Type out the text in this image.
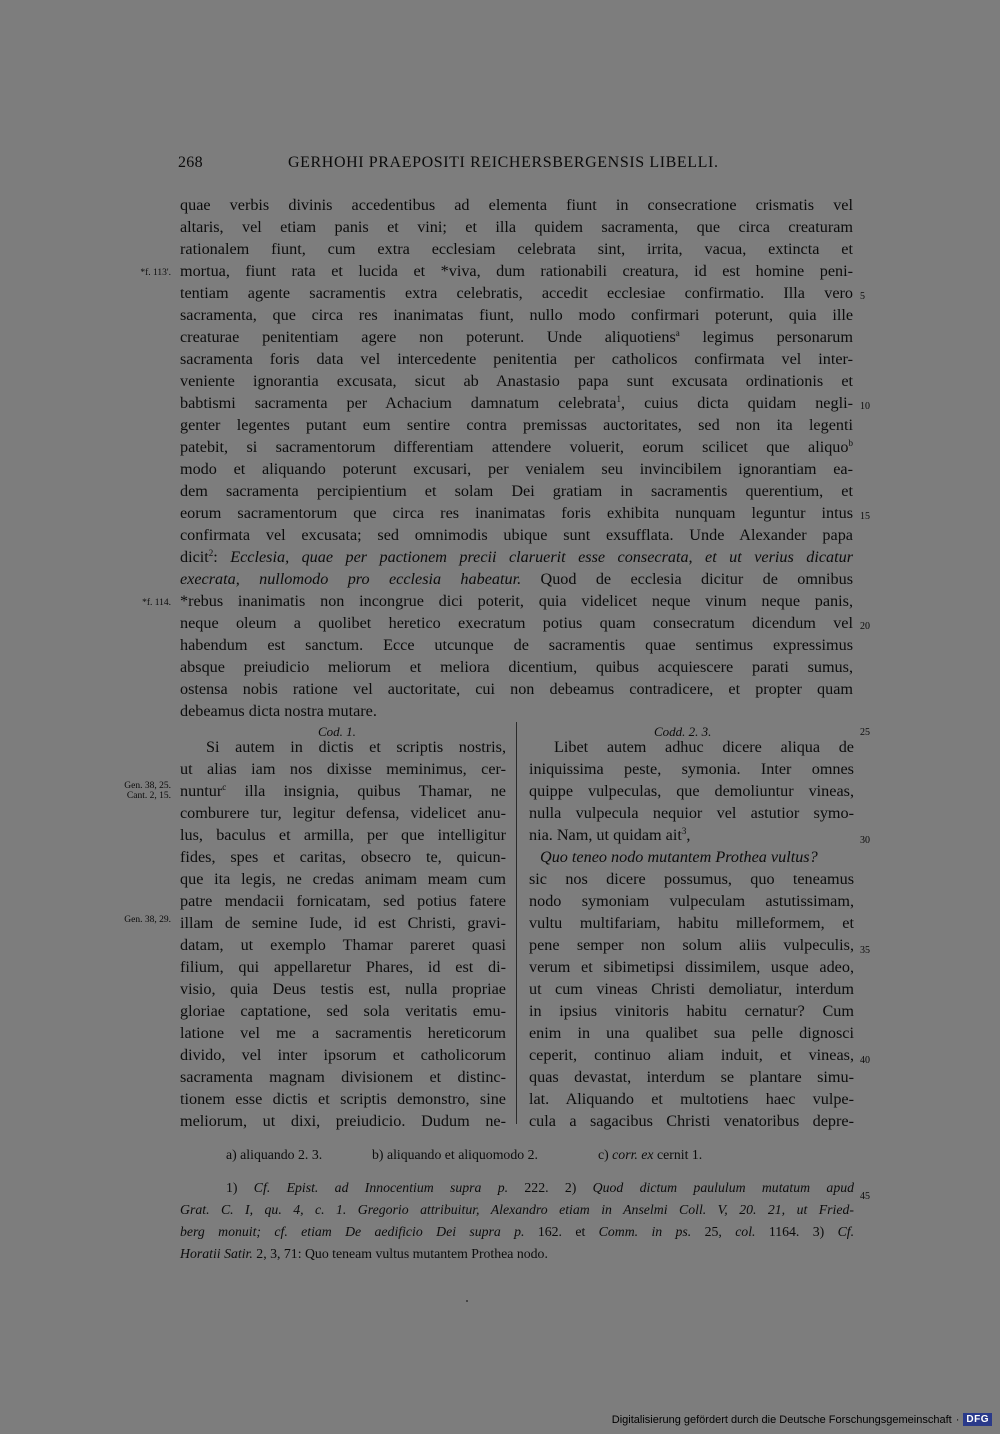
268	GERHOHI PRAEPOSITI REICHERSBERGENSIS LIBELLI.
quae verbis divinis accedentibus ad elementa fiunt in consecratione crismatis vel
altaris, vel etiam panis et vini; et illa quidem sacramenta, que circa creaturam
rationalem fiunt, cum extra ecclesiam celebrata sint, irrita, vacua, extincta et
mortua, fiunt rata et lucida et *viva, dum rationabili creatura, id est homine peni-
tentiam agente sacramentis extra celebratis, accedit ecclesiae confirmatio. Illa vero
sacramenta, que circa res inanimatas fiunt, nullo modo confirmari poterunt, quia ille
creaturae penitentiam agere non poterunt. Unde aliquotiens$^a$ legimus personarum
sacramenta foris data vel intercedente penitentia per catholicos confirmata vel inter-
veniente ignorantia excusata, sicut ab Anastasio papa sunt excusata ordinationis et
babtismi sacramenta per Achacium damnatum celebrata$^1$, cuius dicta quidam negli-
genter legentes putant eum sentire contra premissas auctoritates, sed non ita legenti
patebit, si sacramentorum differentiam attendere voluerit, eorum scilicet que aliquo$^b$
modo et aliquando poterunt excusari, per venialem seu invincibilem ignorantiam ea-
dem sacramenta percipientium et solam Dei gratiam in sacramentis querentium, et
eorum sacramentorum que circa res inanimatas foris exhibita nunquam leguntur intus
confirmata vel excusata; sed omnimodis ubique sunt exsufflata. Unde Alexander papa
dicit$^2$: Ecclesia, quae per pactionem precii claruerit esse consecrata, et ut verius dicatur
execrata, nullomodo pro ecclesia habeatur. Quod de ecclesia dicitur de omnibus
*rebus inanimatis non incongrue dici poterit, quia videlicet neque vinum neque panis,
neque oleum a quolibet heretico execratum potius quam consecratum dicendum vel
habendum est sanctum. Ecce utcunque de sacramentis quae sentimus expressimus
absque preiudicio meliorum et meliora dicentium, quibus acquiescere parati sumus,
ostensa nobis ratione vel auctoritate, cui non debeamus contradicere, et propter quam
debeamus dicta nostra mutare.
*f. 113'.
*f. 114.
Gen. 38, 25.
Cant. 2, 15.
Gen. 38, 29.
5
10
15
20
25
30
35
40
45
Cod. 1.	Codd. 2. 3.
Si autem in dictis et scriptis nostris,
ut alias iam nos dixisse meminimus, cer-
nuntur$^c$ illa insignia, quibus Thamar, ne
comburere tur, legitur defensa, videlicet anu-
lus, baculus et armilla, per que intelligitur
fides, spes et caritas, obsecro te, quicun-
que ita legis, ne credas animam meam cum
patre mendacii fornicatam, sed potius fatere
illam de semine Iude, id est Christi, gravi-
datam, ut exemplo Thamar pareret quasi
filium, qui appellaretur Phares, id est di-
visio, quia Deus testis est, nulla propriae
gloriae captatione, sed sola veritatis emu-
latione vel me a sacramentis hereticorum
divido, vel inter ipsorum et catholicorum
sacramenta magnam divisionem et distinc-
tionem esse dictis et scriptis demonstro, sine
meliorum, ut dixi, preiudicio. Dudum ne-
Libet autem adhuc dicere aliqua de
iniquissima peste, symonia. Inter omnes
quippe vulpeculas, que demoliuntur vineas,
nulla vulpecula nequior vel astutior symo-
nia. Nam, ut quidam ait$^3$,
Quo teneo nodo mutantem Prothea vultus?
sic nos dicere possumus, quo teneamus
nodo symoniam vulpeculam astutissimam,
vultu multifariam, habitu milleformem, et
pene semper non solum aliis vulpeculis,
verum et sibimetipsi dissimilem, usque adeo,
ut cum vineas Christi demoliatur, interdum
in ipsius vinitoris habitu cernatur? Cum
enim in una qualibet sua pelle dignosci
ceperit, continuo aliam induit, et vineas,
quas devastat, interdum se plantare simu-
lat. Aliquando et multotiens haec vulpe-
cula a sagacibus Christi venatoribus depre-
a) aliquando 2. 3.	b) aliquando et aliquomodo 2.	c) corr. ex cernit 1.
1) Cf. Epist. ad Innocentium supra p. 222. 2) Quod dictum paululum mutatum apud
Grat. C. I, qu. 4, c. 1. Gregorio attribuitur, Alexandro etiam in Anselmi Coll. V, 20. 21, ut Fried-
berg monuit; cf. etiam De aedificio Dei supra p. 162. et Comm. in ps. 25, col. 1164. 3) Cf.
Horatii Satir. 2, 3, 71: Quo teneam vultus mutantem Prothea nodo.
Digitalisierung gefördert durch die Deutsche Forschungsgemeinschaft · DFG
